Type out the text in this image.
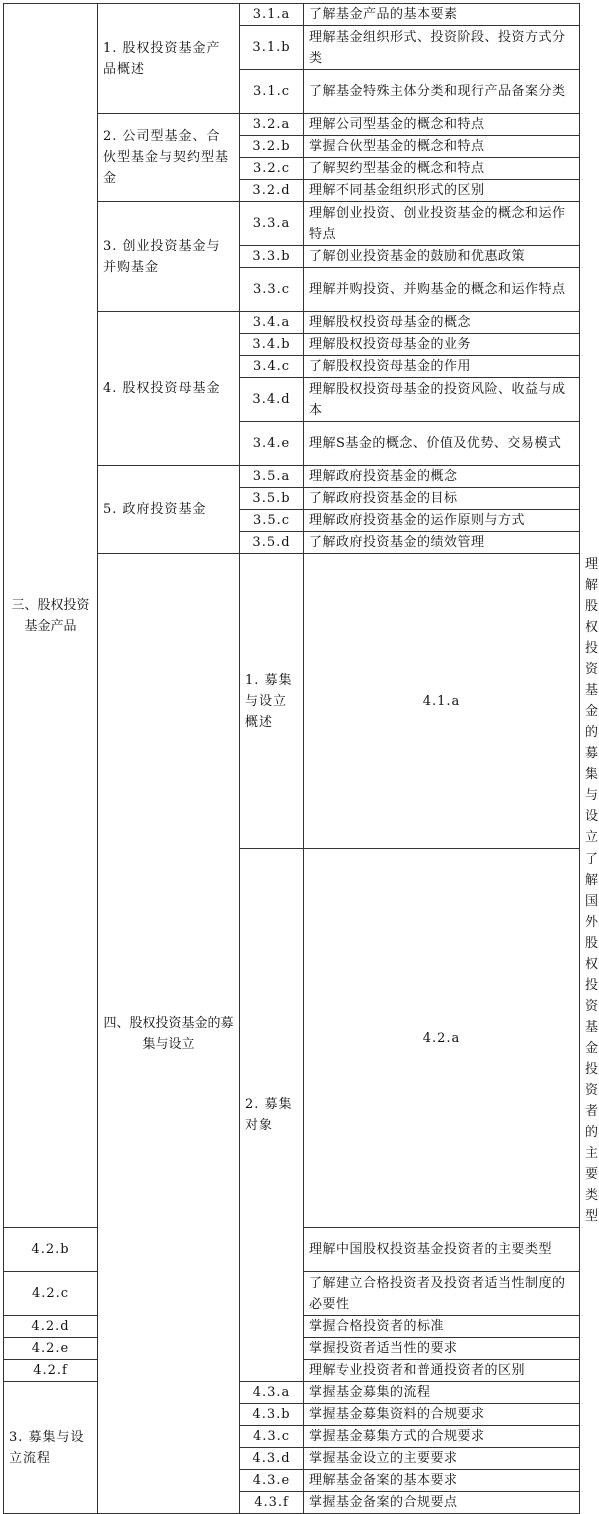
三、股权投资基金产品	1. 股权投资基金产品概述	3.1.a	了解基金产品的基本要素	
		3.1.b	理解基金组织形式、投资阶段、投资方式分类	
		3.1.c	了解基金特殊主体分类和现行产品备案分类	
	2. 公司型基金、合伙型基金与契约型基金	3.2.a	理解公司型基金的概念和特点	
		3.2.b	掌握合伙型基金的概念和特点	
		3.2.c	了解契约型基金的概念和特点	
		3.2.d	理解不同基金组织形式的区别	
	3. 创业投资基金与并购基金	3.3.a	理解创业投资、创业投资基金的概念和运作特点	
		3.3.b	了解创业投资基金的鼓励和优惠政策	
		3.3.c	理解并购投资、并购基金的概念和运作特点	
	4. 股权投资母基金	3.4.a	理解股权投资母基金的概念	
		3.4.b	理解股权投资母基金的业务	
		3.4.c	了解股权投资母基金的作用	
		3.4.d	理解股权投资母基金的投资风险、收益与成本	
		3.4.e	理解S基金的概念、价值及优势、交易模式	
	5. 政府投资基金	3.5.a	理解政府投资基金的概念	
		3.5.b	了解政府投资基金的目标	
		3.5.c	理解政府投资基金的运作原则与方式	
		3.5.d	了解政府投资基金的绩效管理	
	四、股权投资基金的募集与设立	1. 募集与设立概述	4.1.a	理解股权投资基金的募集与设立
		2. 募集对象	4.2.a	了解国外股权投资基金投资者的主要类型
4.2.b			理解中国股权投资基金投资者的主要类型	
4.2.c			了解建立合格投资者及投资者适当性制度的必要性	
4.2.d			掌握合格投资者的标准	
4.2.e			掌握投资者适当性的要求	
4.2.f			理解专业投资者和普通投资者的区别	
3. 募集与设立流程		4.3.a	掌握基金募集的流程	
		4.3.b	掌握基金募集资料的合规要求	
		4.3.c	掌握基金募集方式的合规要求	
		4.3.d	掌握基金设立的主要要求	
		4.3.e	理解基金备案的基本要求	
		4.3.f	掌握基金备案的合规要点	
